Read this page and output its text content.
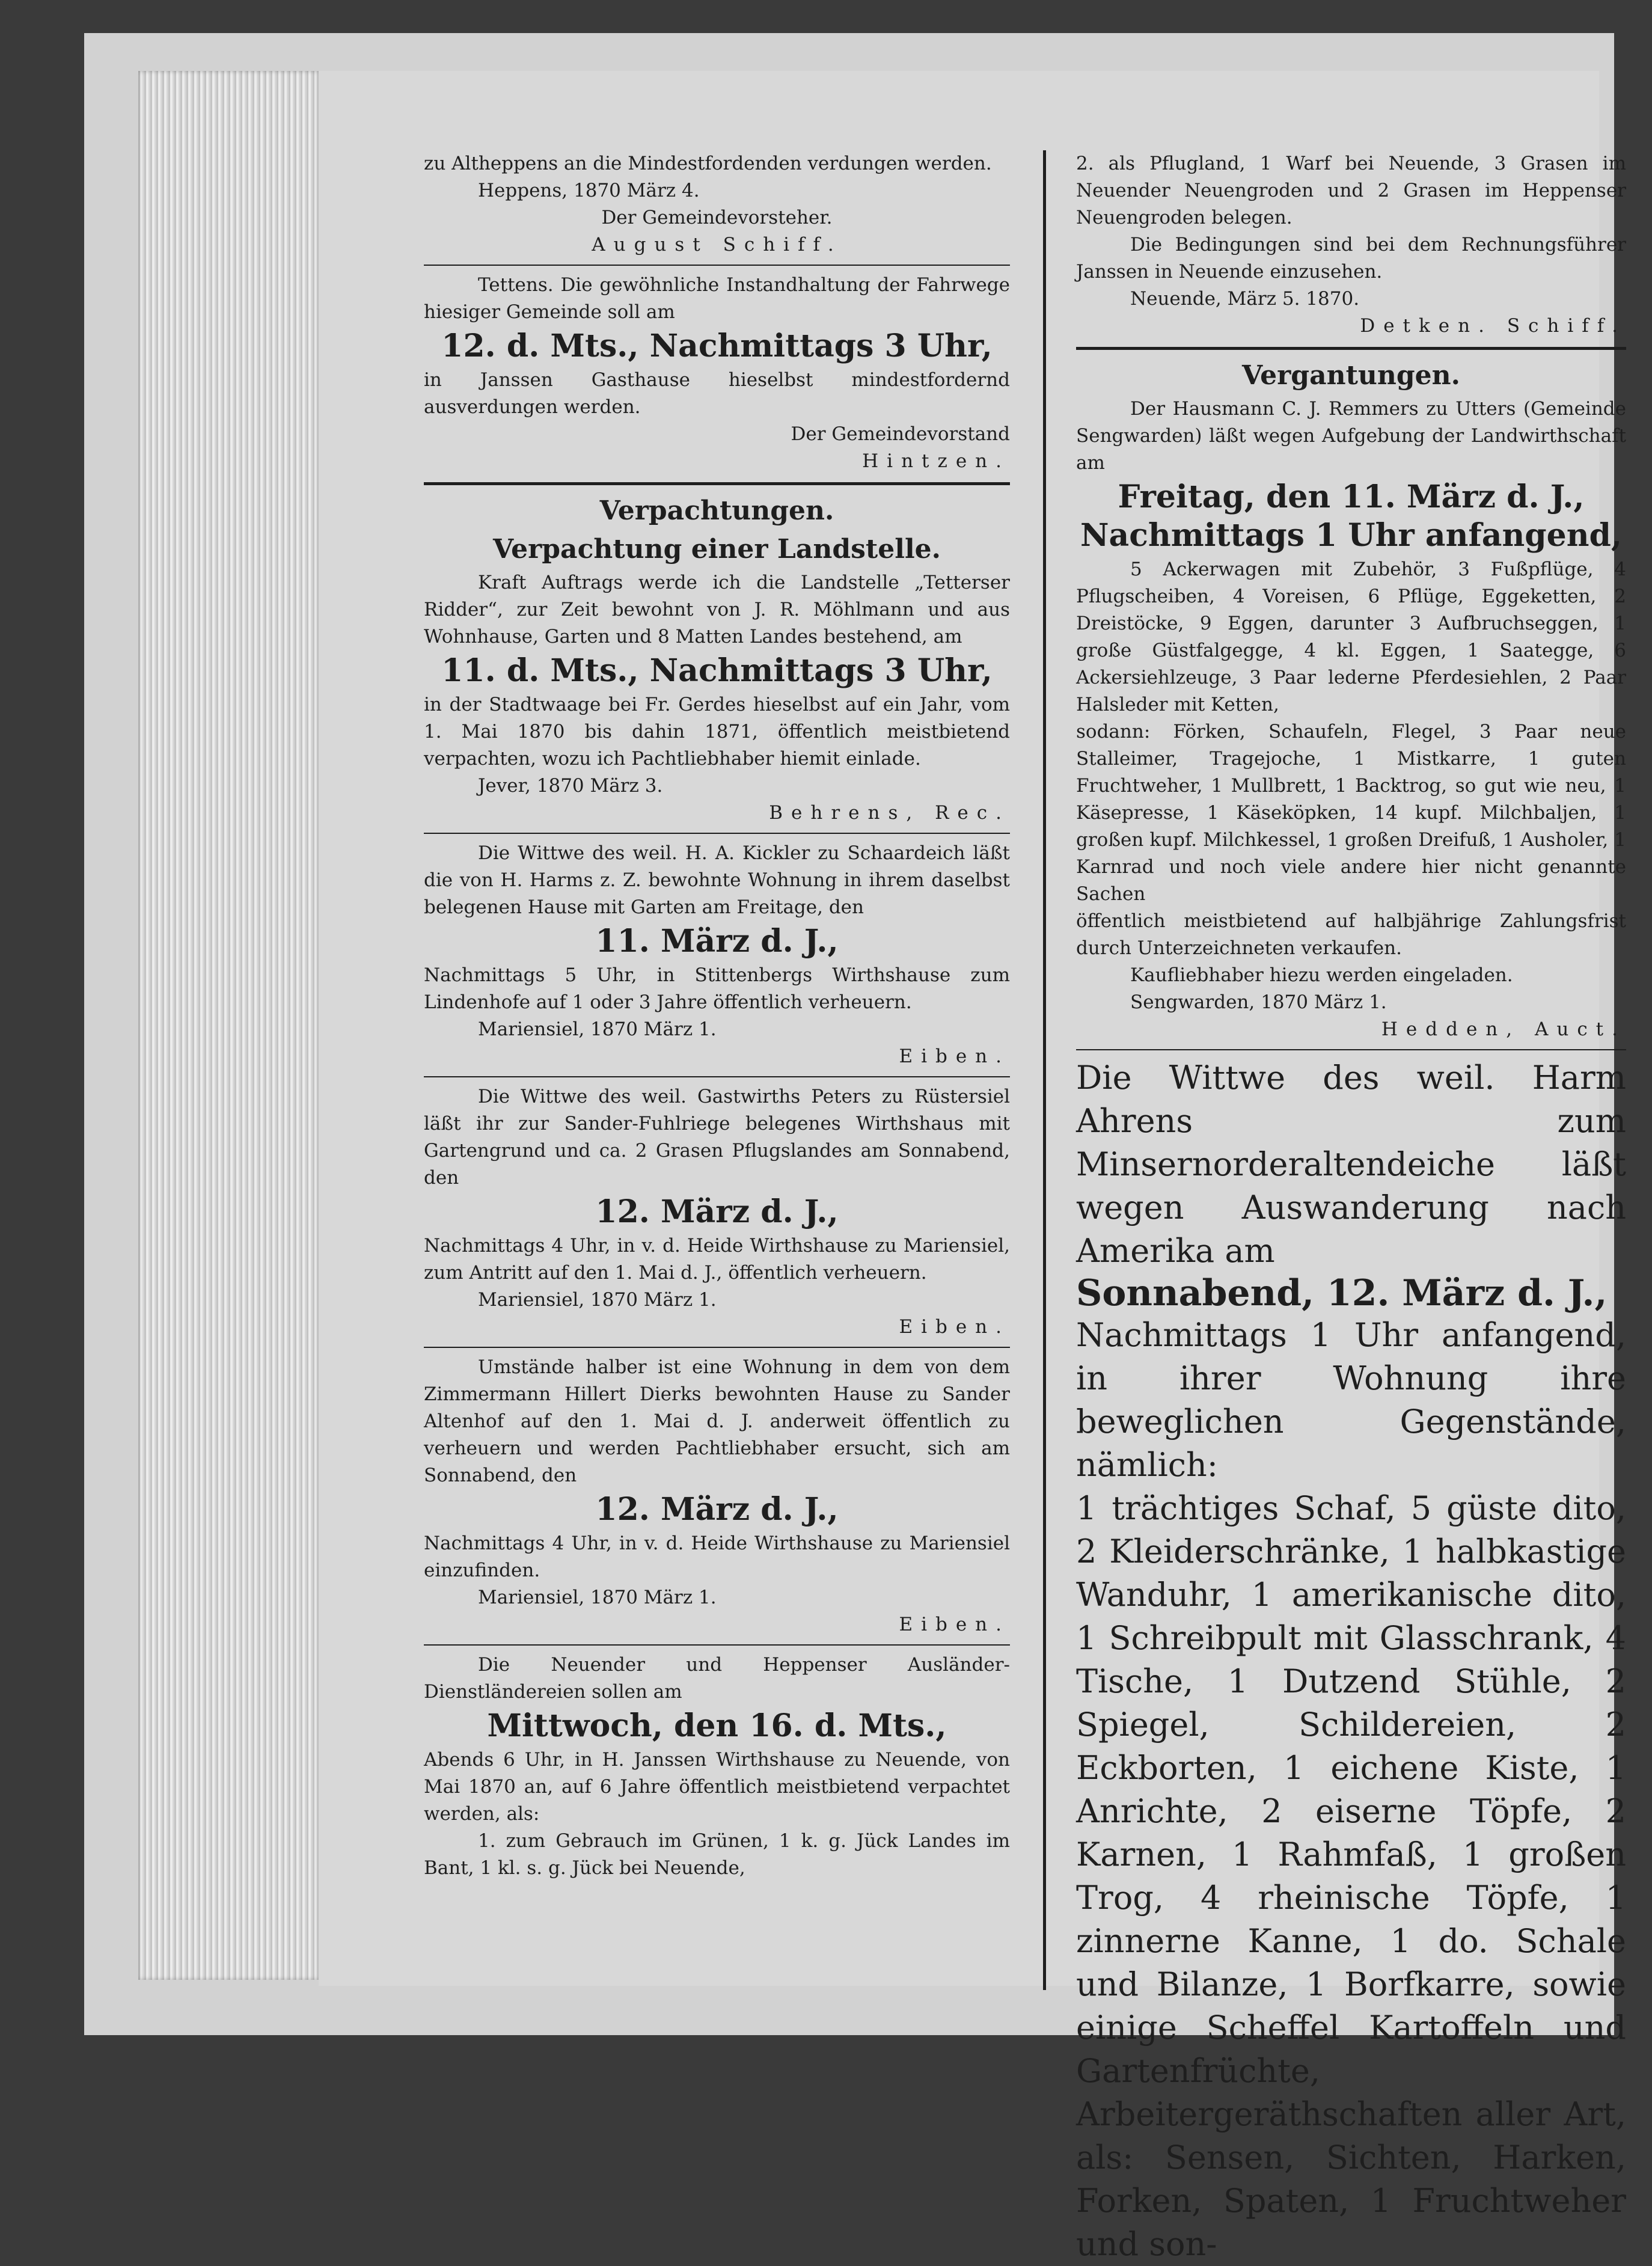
zu Altheppens an die Mindestfordenden verdungen werden.

Heppens, 1870 März 4.

Der Gemeindevorsteher.

August Schiff.

Tettens. Die gewöhnliche Instandhaltung der Fahrwege hiesiger Gemeinde soll am

12. d. Mts., Nachmittags 3 Uhr,

in Janssen Gasthause hieselbst mindestfordernd ausverdungen werden.

Der Gemeindevorstand

Hintzen.

Verpachtungen.

Verpachtung einer Landstelle.

Kraft Auftrags werde ich die Landstelle „Tetterser Ridder“, zur Zeit bewohnt von J. R. Möhlmann und aus Wohnhause, Garten und 8 Matten Landes bestehend, am

11. d. Mts., Nachmittags 3 Uhr,

in der Stadtwaage bei Fr. Gerdes hieselbst auf ein Jahr, vom 1. Mai 1870 bis dahin 1871, öffentlich meistbietend verpachten, wozu ich Pachtliebhaber hiemit einlade.

Jever, 1870 März 3.

Behrens, Rec.

Die Wittwe des weil. H. A. Kickler zu Schaardeich läßt die von H. Harms z. Z. bewohnte Wohnung in ihrem daselbst belegenen Hause mit Garten am Freitage, den

11. März d. J.,

Nachmittags 5 Uhr, in Stittenbergs Wirthshause zum Lindenhofe auf 1 oder 3 Jahre öffentlich verheuern.

Mariensiel, 1870 März 1.

Eiben.

Die Wittwe des weil. Gastwirths Peters zu Rüstersiel läßt ihr zur Sander-Fuhlriege belegenes Wirthshaus mit Gartengrund und ca. 2 Grasen Pflugslandes am Sonnabend, den

12. März d. J.,

Nachmittags 4 Uhr, in v. d. Heide Wirthshause zu Mariensiel, zum Antritt auf den 1. Mai d. J., öffentlich verheuern.

Mariensiel, 1870 März 1.

Eiben.

Umstände halber ist eine Wohnung in dem von dem Zimmermann Hillert Dierks bewohnten Hause zu Sander Altenhof auf den 1. Mai d. J. anderweit öffentlich zu verheuern und werden Pachtliebhaber ersucht, sich am Sonnabend, den

12. März d. J.,

Nachmittags 4 Uhr, in v. d. Heide Wirthshause zu Mariensiel einzufinden.

Mariensiel, 1870 März 1.

Eiben.

Die Neuender und Heppenser Ausländer-Dienstländereien sollen am

Mittwoch, den 16. d. Mts.,

Abends 6 Uhr, in H. Janssen Wirthshause zu Neuende, von Mai 1870 an, auf 6 Jahre öffentlich meistbietend verpachtet werden, als:

1. zum Gebrauch im Grünen, 1 k. g. Jück Landes im Bant, 1 kl. s. g. Jück bei Neuende,

2. als Pflugland, 1 Warf bei Neuende, 3 Grasen im Neuender Neuengroden und 2 Grasen im Heppenser Neuengroden belegen.

Die Bedingungen sind bei dem Rechnungsführer Janssen in Neuende einzusehen.

Neuende, März 5. 1870.

Detken. Schiff.

Vergantungen.

Der Hausmann C. J. Remmers zu Utters (Gemeinde Sengwarden) läßt wegen Aufgebung der Landwirthschaft am

Freitag, den 11. März d. J.,

Nachmittags 1 Uhr anfangend,

5 Ackerwagen mit Zubehör, 3 Fußpflüge, 4 Pflugscheiben, 4 Voreisen, 6 Pflüge, Eggeketten, 2 Dreistöcke, 9 Eggen, darunter 3 Aufbruchseggen, 1 große Güstfalgegge, 4 kl. Eggen, 1 Saategge, 6 Ackersiehlzeuge, 3 Paar lederne Pferdesiehlen, 2 Paar Halsleder mit Ketten,

sodann: Förken, Schaufeln, Flegel, 3 Paar neue Stalleimer, Tragejoche, 1 Mistkarre, 1 guten Fruchtweher, 1 Mullbrett, 1 Backtrog, so gut wie neu, 1 Käsepresse, 1 Käseköpken, 14 kupf. Milchbaljen, 1 großen kupf. Milchkessel, 1 großen Dreifuß, 1 Ausholer, 1 Karnrad und noch viele andere hier nicht genannte Sachen

öffentlich meistbietend auf halbjährige Zahlungsfrist durch Unterzeichneten verkaufen.

Kaufliebhaber hiezu werden eingeladen.

Sengwarden, 1870 März 1.

Hedden, Auct.

Die Wittwe des weil. Harm Ahrens zum Minsernorderaltendeiche läßt wegen Auswanderung nach Amerika am

Sonnabend, 12. März d. J.,

Nachmittags 1 Uhr anfangend, in ihrer Wohnung ihre beweglichen Gegenstände, nämlich:

1 trächtiges Schaf, 5 güste dito, 2 Kleiderschränke, 1 halbkastige Wanduhr, 1 amerikanische dito, 1 Schreibpult mit Glasschrank, 4 Tische, 1 Dutzend Stühle, 2 Spiegel, Schildereien, 2 Eckborten, 1 eichene Kiste, 1 Anrichte, 2 eiserne Töpfe, 2 Karnen, 1 Rahmfaß, 1 großen Trog, 4 rheinische Töpfe, 1 zinnerne Kanne, 1 do. Schale und Bilanze, 1 Borfkarre, sowie einige Scheffel Kartoffeln und Gartenfrüchte, Arbeitergeräthschaften aller Art, als: Sensen, Sichten, Harken, Forken, Spaten, 1 Fruchtweher und son-
